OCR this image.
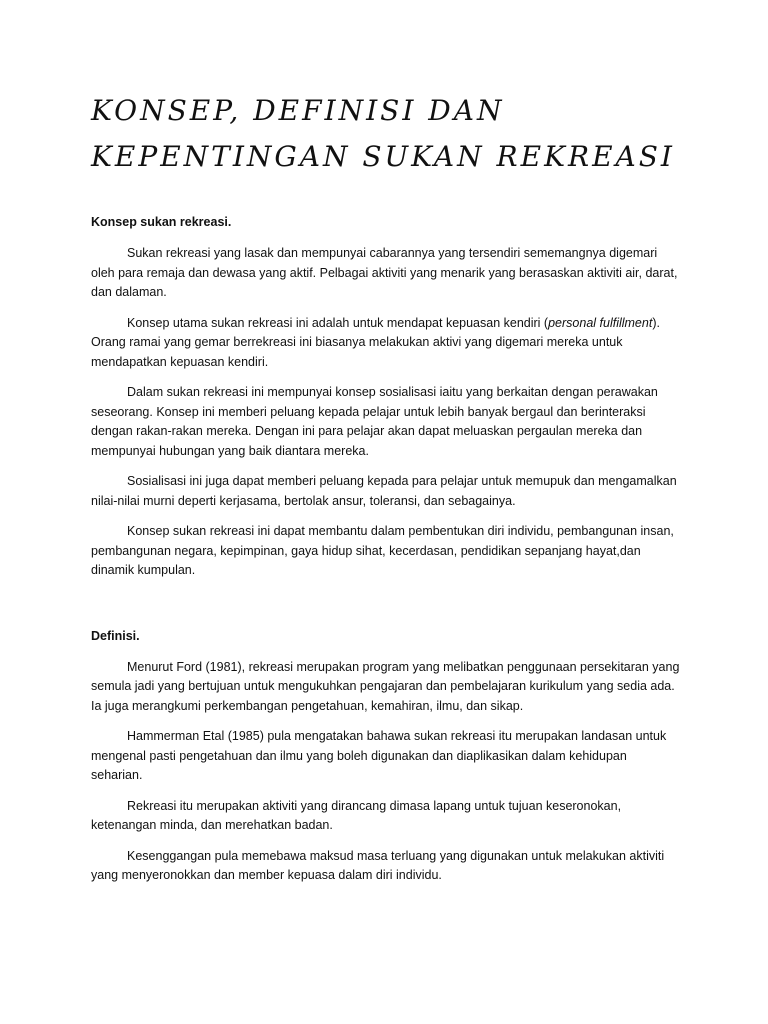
KONSEP, DEFINISI DAN KEPENTINGAN SUKAN REKREASI

Konsep sukan rekreasi.

Sukan rekreasi yang lasak dan mempunyai cabarannya yang tersendiri sememangnya digemari oleh para remaja dan dewasa yang aktif. Pelbagai aktiviti yang menarik yang berasaskan aktiviti air, darat, dan dalaman.

Konsep utama sukan rekreasi ini adalah untuk mendapat kepuasan kendiri (personal fulfillment). Orang ramai yang gemar berrekreasi ini biasanya melakukan aktivi yang digemari mereka untuk mendapatkan kepuasan kendiri.

Dalam sukan rekreasi ini mempunyai konsep sosialisasi iaitu yang berkaitan dengan perawakan seseorang. Konsep ini memberi peluang kepada pelajar untuk lebih banyak bergaul dan berinteraksi dengan rakan-rakan mereka. Dengan ini para pelajar akan dapat meluaskan pergaulan mereka dan mempunyai hubungan yang baik diantara mereka.

Sosialisasi ini juga dapat memberi peluang kepada para pelajar untuk memupuk dan mengamalkan nilai-nilai murni deperti kerjasama, bertolak ansur, toleransi, dan sebagainya.

Konsep sukan rekreasi ini dapat membantu dalam pembentukan diri individu, pembangunan insan, pembangunan negara, kepimpinan, gaya hidup sihat, kecerdasan, pendidikan sepanjang hayat,dan dinamik kumpulan.

Definisi.

Menurut Ford (1981), rekreasi merupakan program yang melibatkan penggunaan persekitaran yang semula jadi yang bertujuan untuk mengukuhkan pengajaran dan pembelajaran kurikulum yang sedia ada. Ia juga merangkumi perkembangan pengetahuan, kemahiran, ilmu, dan sikap.

Hammerman Etal (1985) pula mengatakan bahawa sukan rekreasi itu merupakan landasan untuk mengenal pasti pengetahuan dan ilmu yang boleh digunakan dan diaplikasikan dalam kehidupan seharian.

Rekreasi itu merupakan aktiviti yang dirancang dimasa lapang untuk tujuan keseronokan, ketenangan minda, dan merehatkan badan.

Kesenggangan pula memebawa maksud masa terluang yang digunakan untuk melakukan aktiviti yang menyeronokkan dan member kepuasa dalam diri individu.
